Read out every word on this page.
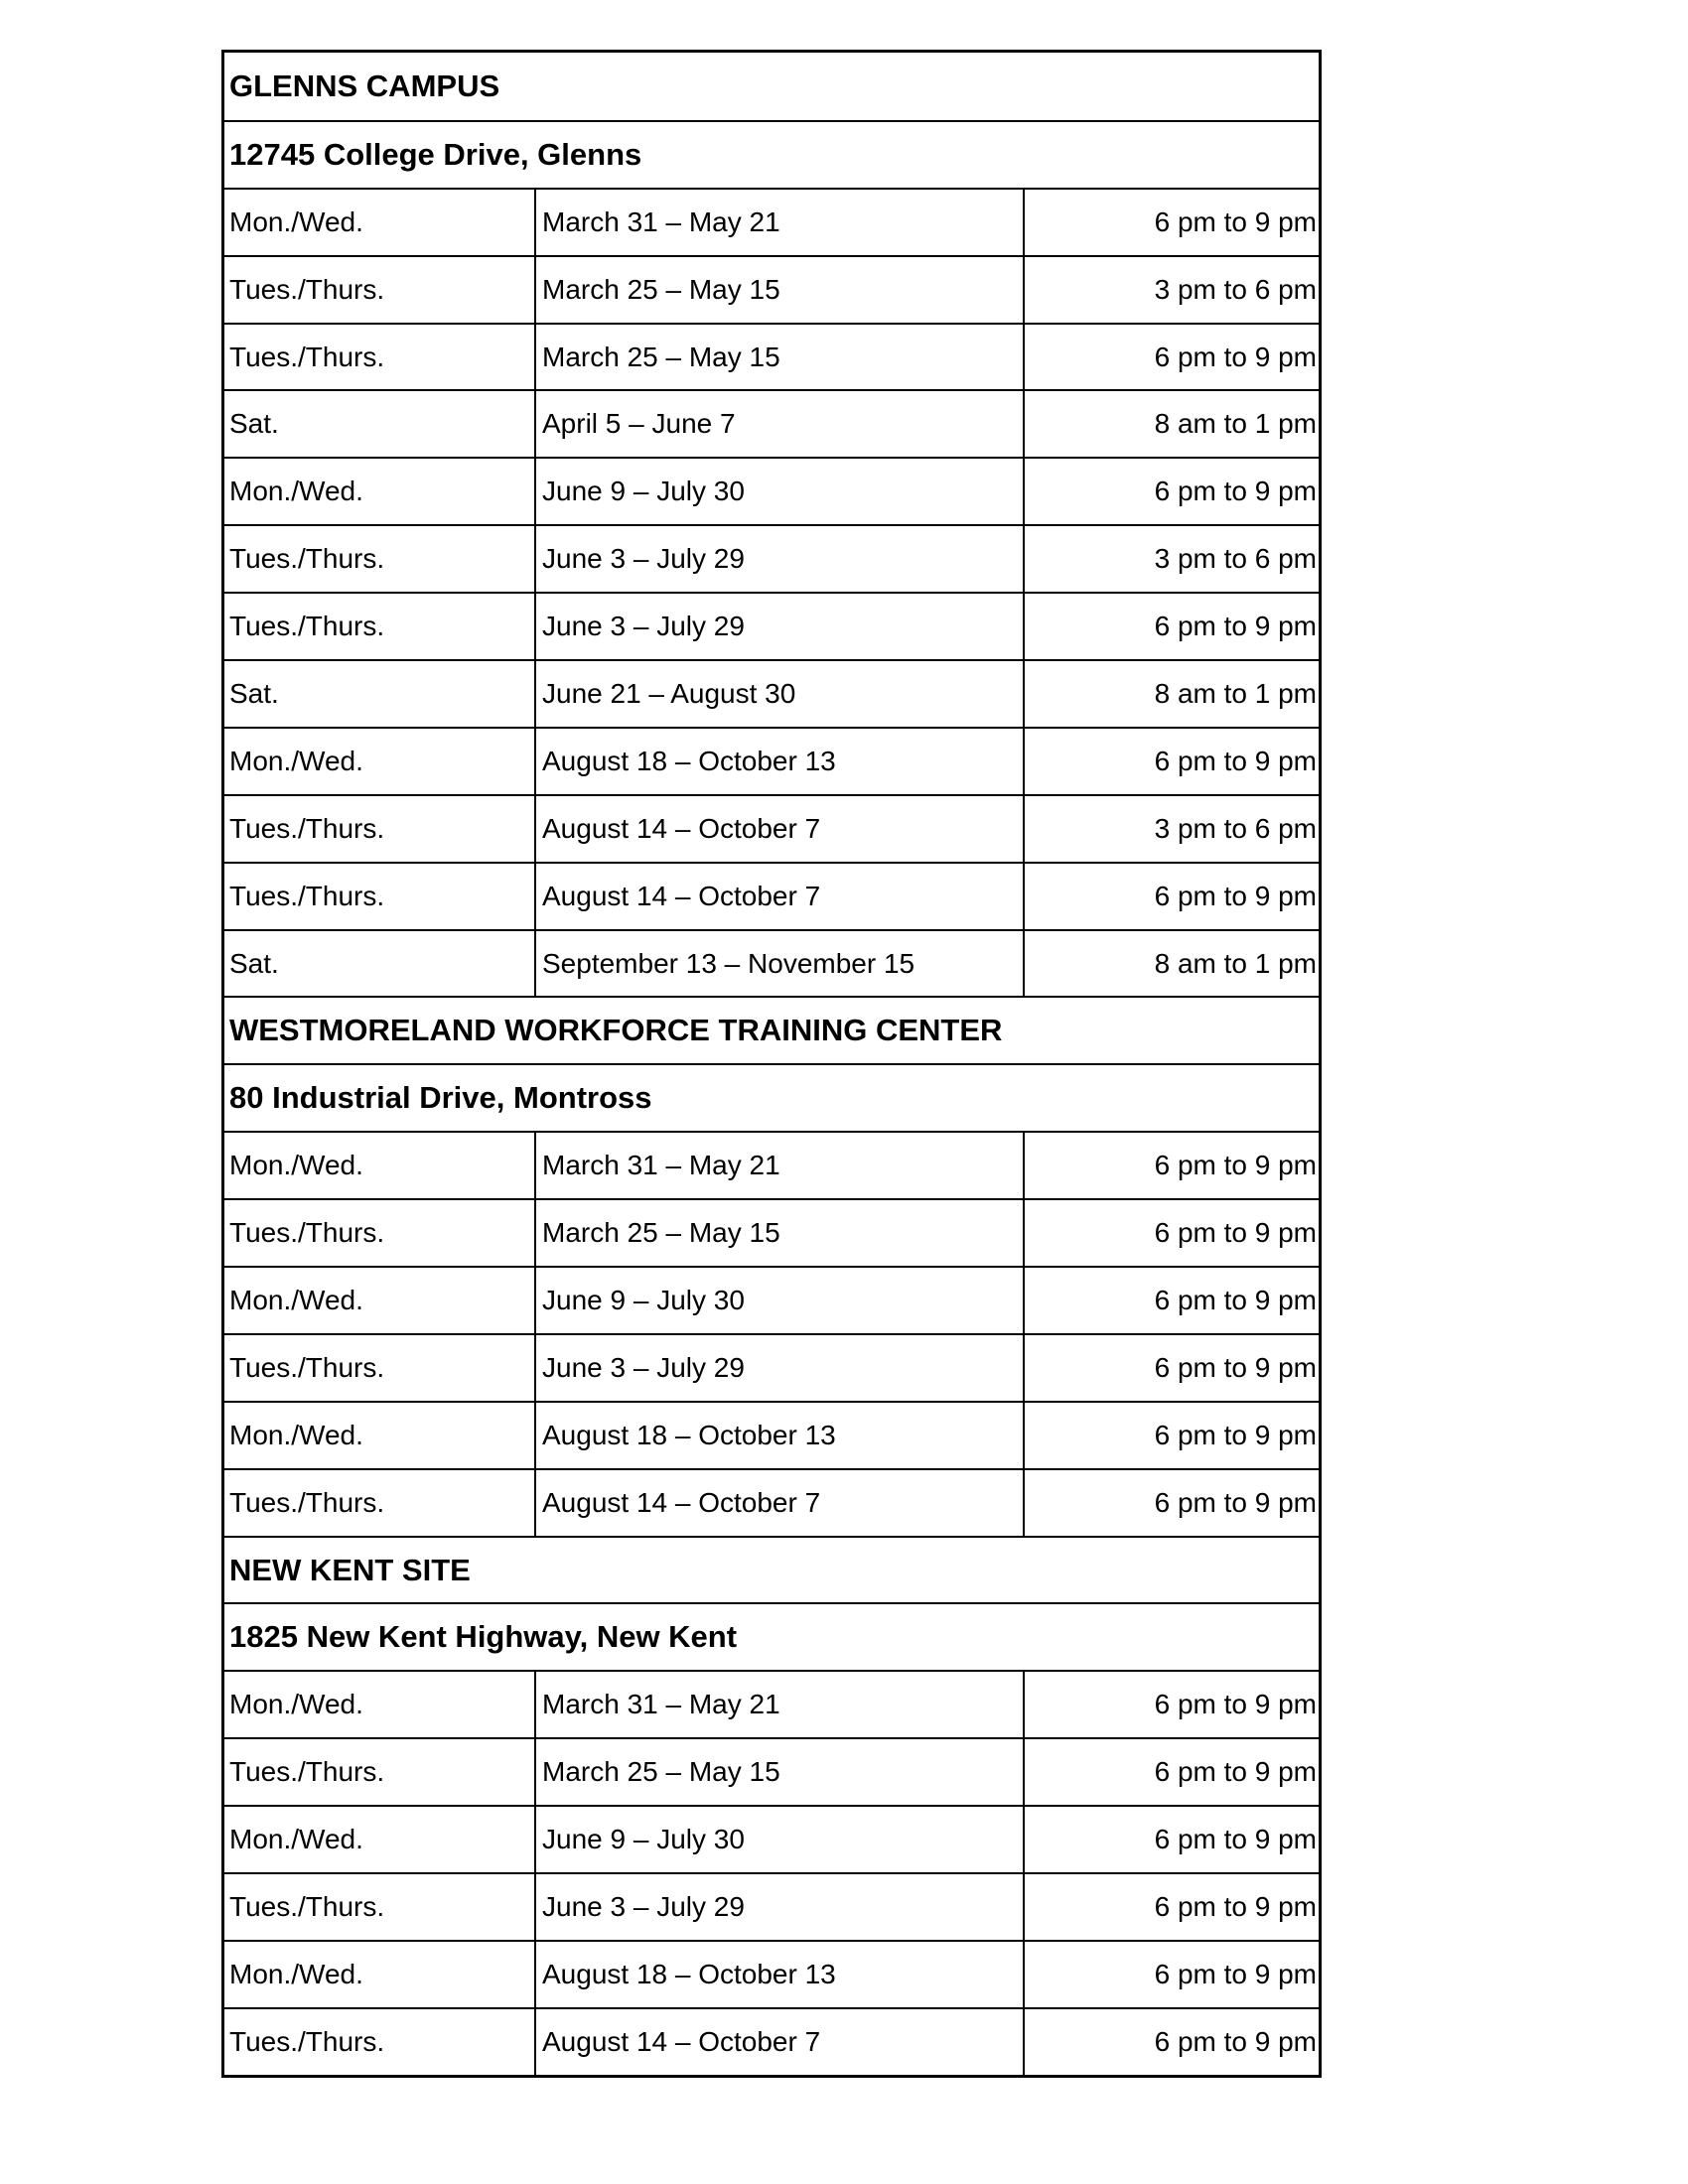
GLENNS CAMPUS
12745 College Drive, Glenns
Mon./Wed.	March 31 – May 21	6 pm to 9 pm
Tues./Thurs.	March 25 – May 15	3 pm to 6 pm
Tues./Thurs.	March 25 – May 15	6 pm to 9 pm
Sat.	April 5 – June 7	8 am to 1 pm
Mon./Wed.	June 9 – July 30	6 pm to 9 pm
Tues./Thurs.	June 3 – July 29	3 pm to 6 pm
Tues./Thurs.	June 3 – July 29	6 pm to 9 pm
Sat.	June 21 – August 30	8 am to 1 pm
Mon./Wed.	August 18 – October 13	6 pm to 9 pm
Tues./Thurs.	August 14 – October 7	3 pm to 6 pm
Tues./Thurs.	August 14 – October 7	6 pm to 9 pm
Sat.	September 13 – November 15	8 am to 1 pm
WESTMORELAND WORKFORCE TRAINING CENTER
80 Industrial Drive, Montross
Mon./Wed.	March 31 – May 21	6 pm to 9 pm
Tues./Thurs.	March 25 – May 15	6 pm to 9 pm
Mon./Wed.	June 9 – July 30	6 pm to 9 pm
Tues./Thurs.	June 3 – July 29	6 pm to 9 pm
Mon./Wed.	August 18 – October 13	6 pm to 9 pm
Tues./Thurs.	August 14 – October 7	6 pm to 9 pm
NEW KENT SITE
1825 New Kent Highway, New Kent
Mon./Wed.	March 31 – May 21	6 pm to 9 pm
Tues./Thurs.	March 25 – May 15	6 pm to 9 pm
Mon./Wed.	June 9 – July 30	6 pm to 9 pm
Tues./Thurs.	June 3 – July 29	6 pm to 9 pm
Mon./Wed.	August 18 – October 13	6 pm to 9 pm
Tues./Thurs.	August 14 – October 7	6 pm to 9 pm
